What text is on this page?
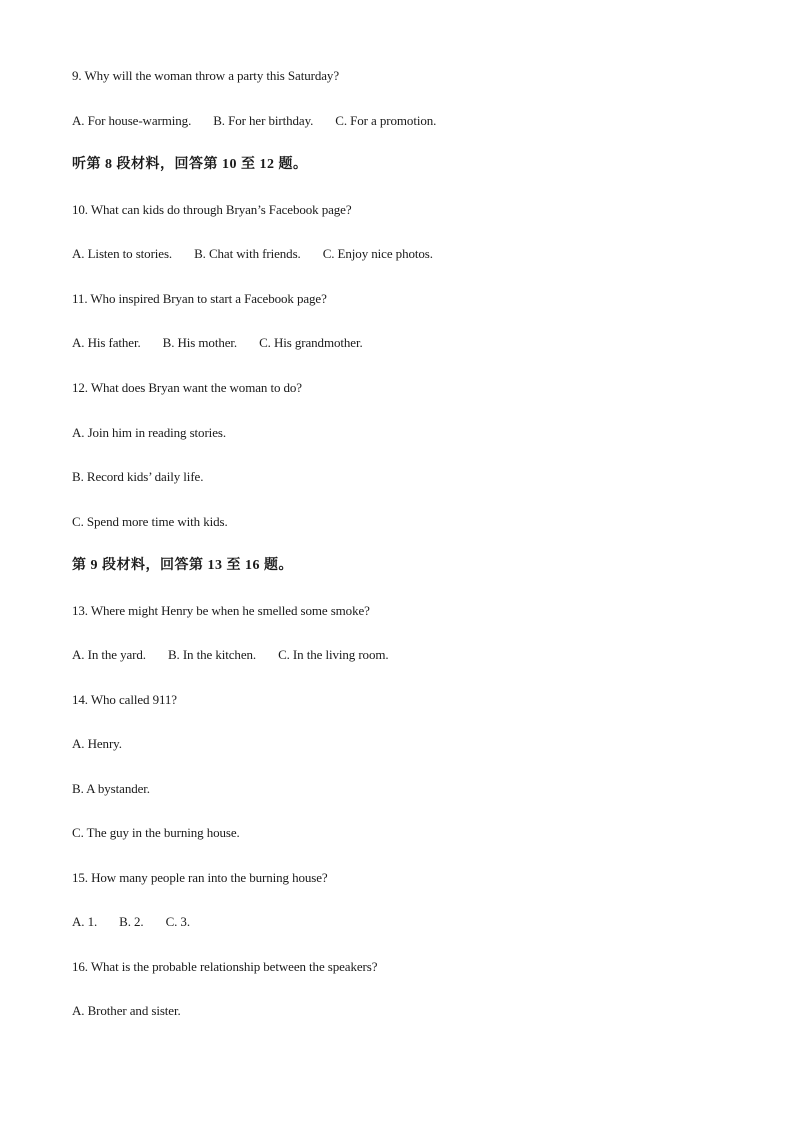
9. Why will the woman throw a party this Saturday?
A. For house-warming. B. For her birthday. C. For a promotion.
听第 8 段材料，回答第 10 至 12 题。
10. What can kids do through Bryan’s Facebook page?
A. Listen to stories. B. Chat with friends. C. Enjoy nice photos.
11. Who inspired Bryan to start a Facebook page?
A. His father. B. His mother. C. His grandmother.
12. What does Bryan want the woman to do?
A. Join him in reading stories.
B. Record kids’ daily life.
C. Spend more time with kids.
第 9 段材料，回答第 13 至 16 题。
13. Where might Henry be when he smelled some smoke?
A. In the yard. B. In the kitchen. C. In the living room.
14. Who called 911?
A. Henry.
B. A bystander.
C. The guy in the burning house.
15. How many people ran into the burning house?
A. 1. B. 2. C. 3.
16. What is the probable relationship between the speakers?
A. Brother and sister.
